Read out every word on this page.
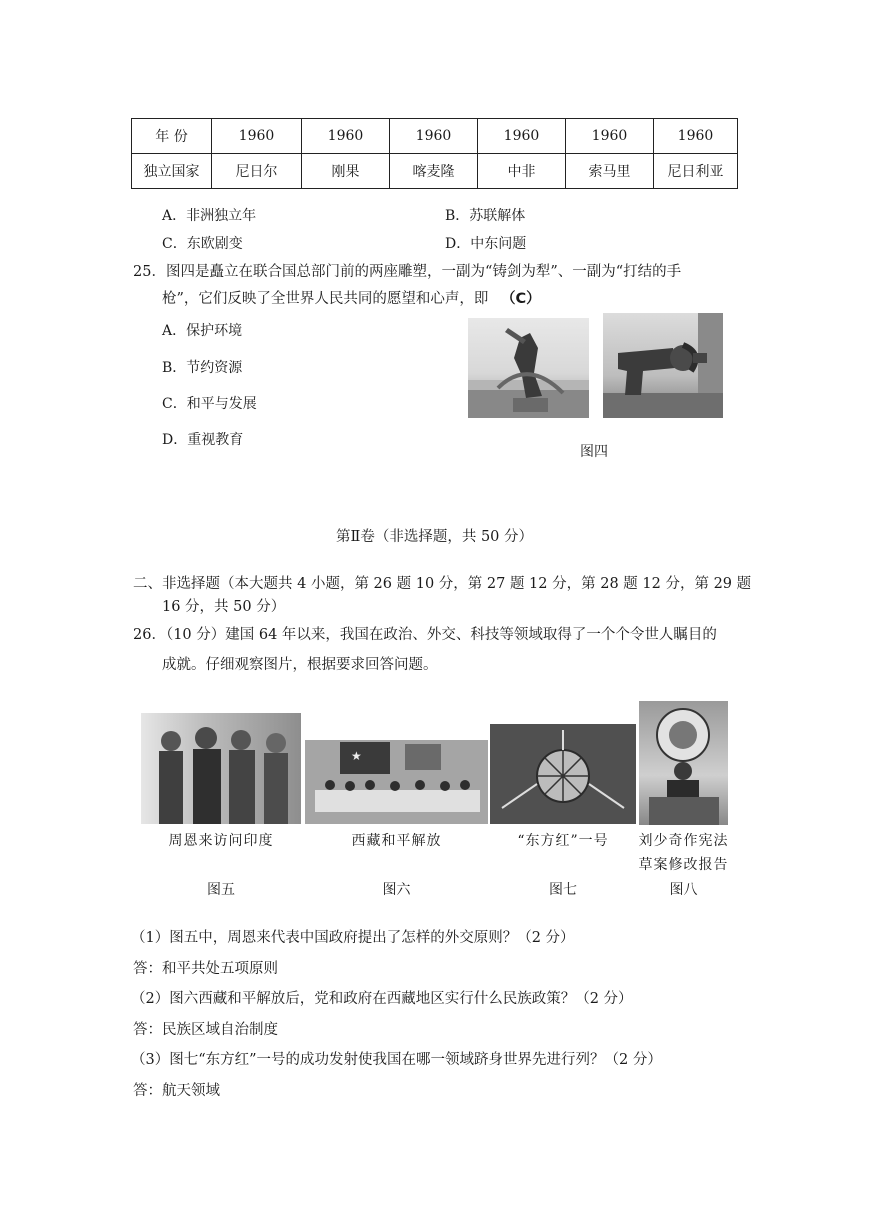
年 份	1960	1960	1960	1960	1960	1960
独立国家	尼日尔	刚果	喀麦隆	中非	索马里	尼日利亚
A．非洲独立年	B．苏联解体
C．东欧剧变	D．中东问题
25．图四是矗立在联合国总部门前的两座雕塑，一副为“铸剑为犁”、一副为“打结的手
枪”，它们反映了全世界人民共同的愿望和心声，即 （C）
A．保护环境
B．节约资源
C．和平与发展
D．重视教育
图四
第Ⅱ卷（非选择题，共 50 分）
二、非选择题（本大题共 4 小题，第 26 题 10 分，第 27 题 12 分，第 28 题 12 分，第 29 题
16 分，共 50 分）
26．（10 分）建国 64 年以来，我国在政治、外交、科技等领域取得了一个个令世人瞩目的
成就。仔细观察图片，根据要求回答问题。
★
周恩来访问印度	西藏和平解放	“东方红”一号	刘少奇作宪法
草案修改报告
图五	图六	图七	图八
（1）图五中，周恩来代表中国政府提出了怎样的外交原则？（2 分）
答：和平共处五项原则
（2）图六西藏和平解放后，党和政府在西藏地区实行什么民族政策？（2 分）
答：民族区域自治制度
（3）图七“东方红”一号的成功发射使我国在哪一领域跻身世界先进行列？（2 分）
答：航天领域
